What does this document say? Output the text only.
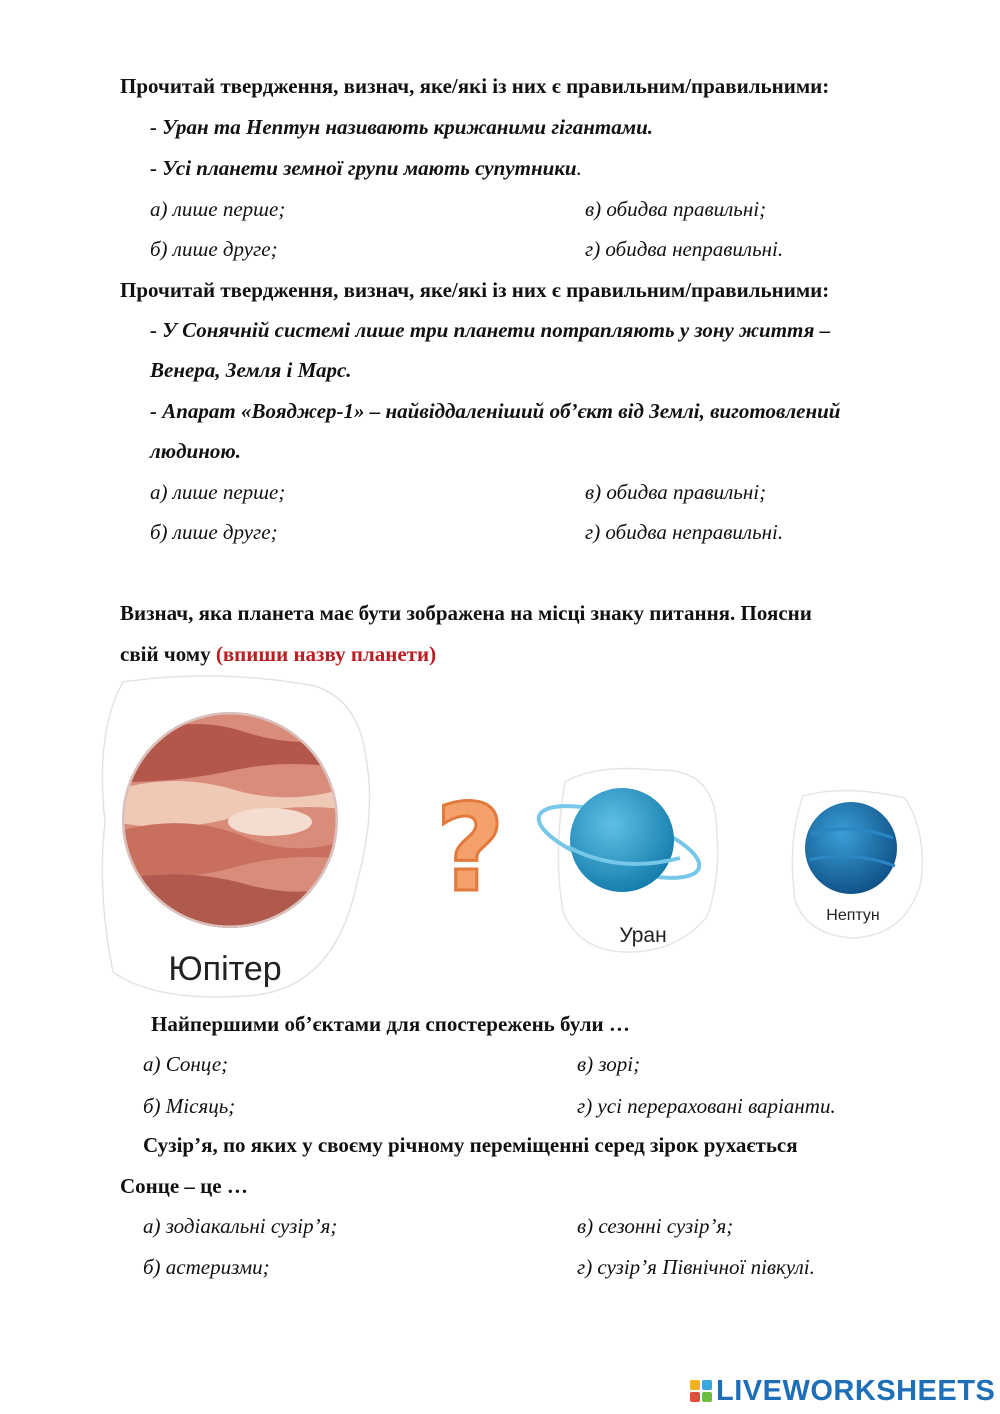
Прочитай твердження, визнач, яке/які із них є правильним/правильними:
- Уран та Нептун називають крижаними гігантами.
- Усі планети земної групи мають супутники.
а) лише перше;	в) обидва правильні;
б) лише друге;	г) обидва неправильні.
Прочитай твердження, визнач, яке/які із них є правильним/правильними:
- У Сонячній системі лише три планети потрапляють у зону життя –
Венера, Земля і Марс.
- Апарат «Вояджер-1» – найвіддаленіший об’єкт від Землі, виготовлений
людиною.
а) лише перше;	в) обидва правильні;
б) лише друге;	г) обидва неправильні.
Визнач, яка планета має бути зображена на місці знаку питання. Поясни
свій чому (впиши назву планети)
Юпітер
?
Уран
Нептун
Найпершими об’єктами для спостережень були …
а) Сонце;	в) зорі;
б) Місяць;	г) усі перераховані варіанти.
Сузір’я, по яких у своєму річному переміщенні серед зірок рухається
Сонце – це …
а) зодіакальні сузір’я;	в) сезонні сузір’я;
б) астеризми;	г) сузір’я Північної півкулі.
LIVEWORKSHEETS
